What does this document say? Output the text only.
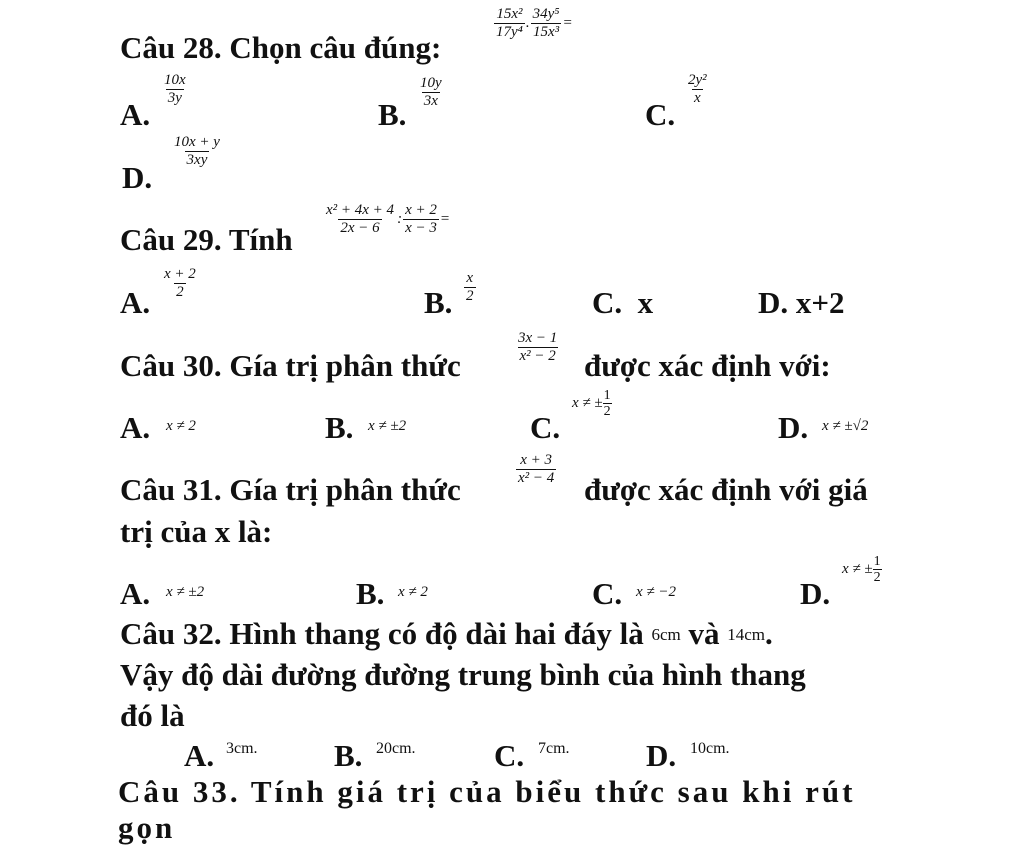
Câu 28. Chọn câu đúng:
$\frac{\text{15x²}}{\text{17y⁴}}$ . $\frac{\text{34y⁵}}{\text{15x³}}$ =
A.
$\frac{10x}{3y}$
B.
$\frac{10y}{3x}$
C.
$\frac{\text{2y²}}{x}$
D.
$\frac{10x + y}{3xy}$
Câu 29. Tính
$\frac{\text{x² + 4x + 4}}{2x - 6}$ : $\frac{x + 2}{x - 3}$ =
A.
$\frac{x + 2}{2}$
B. $\frac{x}{2}$	C.  x	D. x+2
Câu 30. Gía trị phân thức	$\frac{3x - 1}{\text{x² − 2}}$ được xác định với:
A. x ≠ 2	B. x ≠ ±2	C.
x ≠ ± $\frac{1}{2}$
D. x ≠ ±√2
Câu 31. Gía trị phân thức
$\frac{x + 3}{\text{x² − 4}}$
được xác định với giá
trị của x là:
A. x ≠ ±2	B. x ≠ 2	C. x ≠ −2	D.
x ≠ ± $\frac{1}{2}$
Câu 32. Hình thang có độ dài hai đáy là 6cm và 14cm.
Vậy độ dài đường đường trung bình của hình thang
đó là
A. 3cm. B. 20cm.	C. 7cm. D. 10cm.
Câu 33. Tính giá trị của biểu thức sau khi rút gọn
